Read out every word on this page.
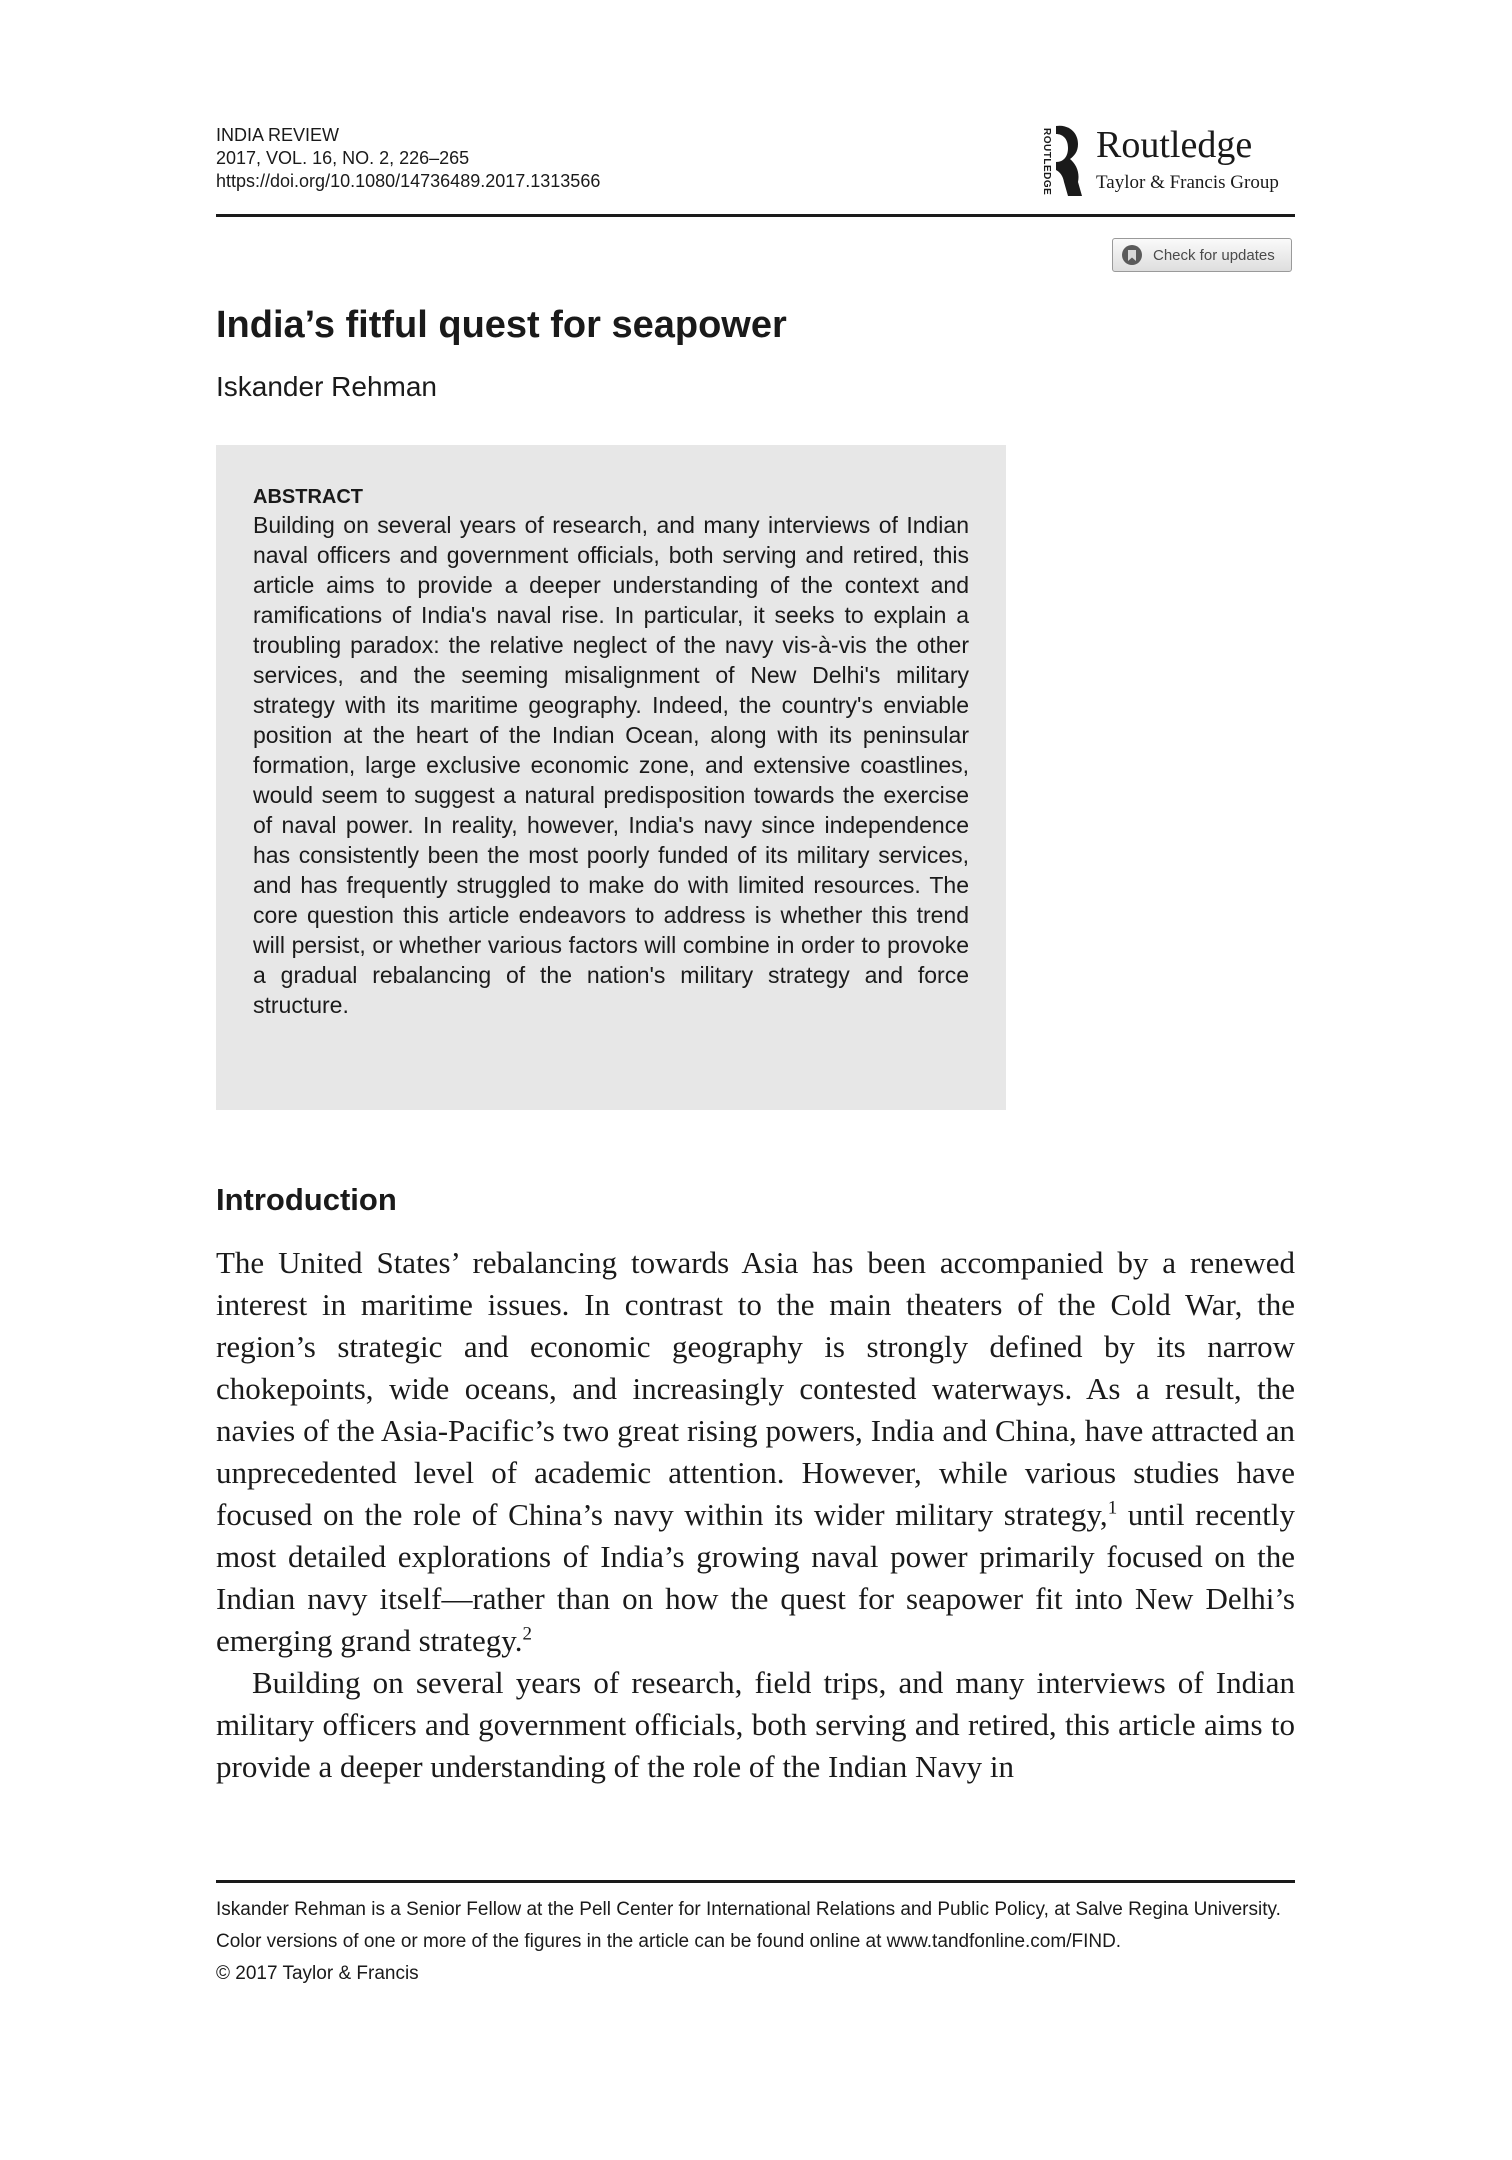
INDIA REVIEW
2017, VOL. 16, NO. 2, 226–265
https://doi.org/10.1080/14736489.2017.1313566	ROUTLEDGE Routledge
Taylor & Francis Group
Check for updates
India’s fitful quest for seapower
Iskander Rehman
ABSTRACT

Building on several years of research, and many interviews of Indian naval officers and government officials, both serving and retired, this article aims to provide a deeper understanding of the context and ramifications of India's naval rise. In particular, it seeks to explain a troubling paradox: the relative neglect of the navy vis-à-vis the other services, and the seeming misalignment of New Delhi's military strategy with its maritime geography. Indeed, the country's enviable position at the heart of the Indian Ocean, along with its peninsular formation, large exclusive economic zone, and extensive coastlines, would seem to suggest a natural predisposition towards the exercise of naval power. In reality, however, India's navy since independence has consistently been the most poorly funded of its military services, and has frequently struggled to make do with limited resources. The core question this article endeavors to address is whether this trend will persist, or whether various factors will combine in order to provoke a gradual rebalancing of the nation's military strategy and force structure.

Introduction

The United States’ rebalancing towards Asia has been accompanied by a renewed interest in maritime issues. In contrast to the main theaters of the Cold War, the region’s strategic and economic geography is strongly defined by its narrow chokepoints, wide oceans, and increasingly contested waterways. As a result, the navies of the Asia-Pacific’s two great rising powers, India and China, have attracted an unprecedented level of academic attention. However, while various studies have focused on the role of China’s navy within its wider military strategy,$^1$ until recently most detailed explorations of India’s growing naval power primarily focused on the Indian navy itself—rather than on how the quest for seapower fit into New Delhi’s emerging grand strategy.$^2$

Building on several years of research, field trips, and many interviews of Indian military officers and government officials, both serving and retired, this article aims to provide a deeper understanding of the role of the Indian Navy in

Iskander Rehman is a Senior Fellow at the Pell Center for International Relations and Public Policy, at Salve Regina University.

Color versions of one or more of the figures in the article can be found online at www.tandfonline.com/FIND.

© 2017 Taylor & Francis
